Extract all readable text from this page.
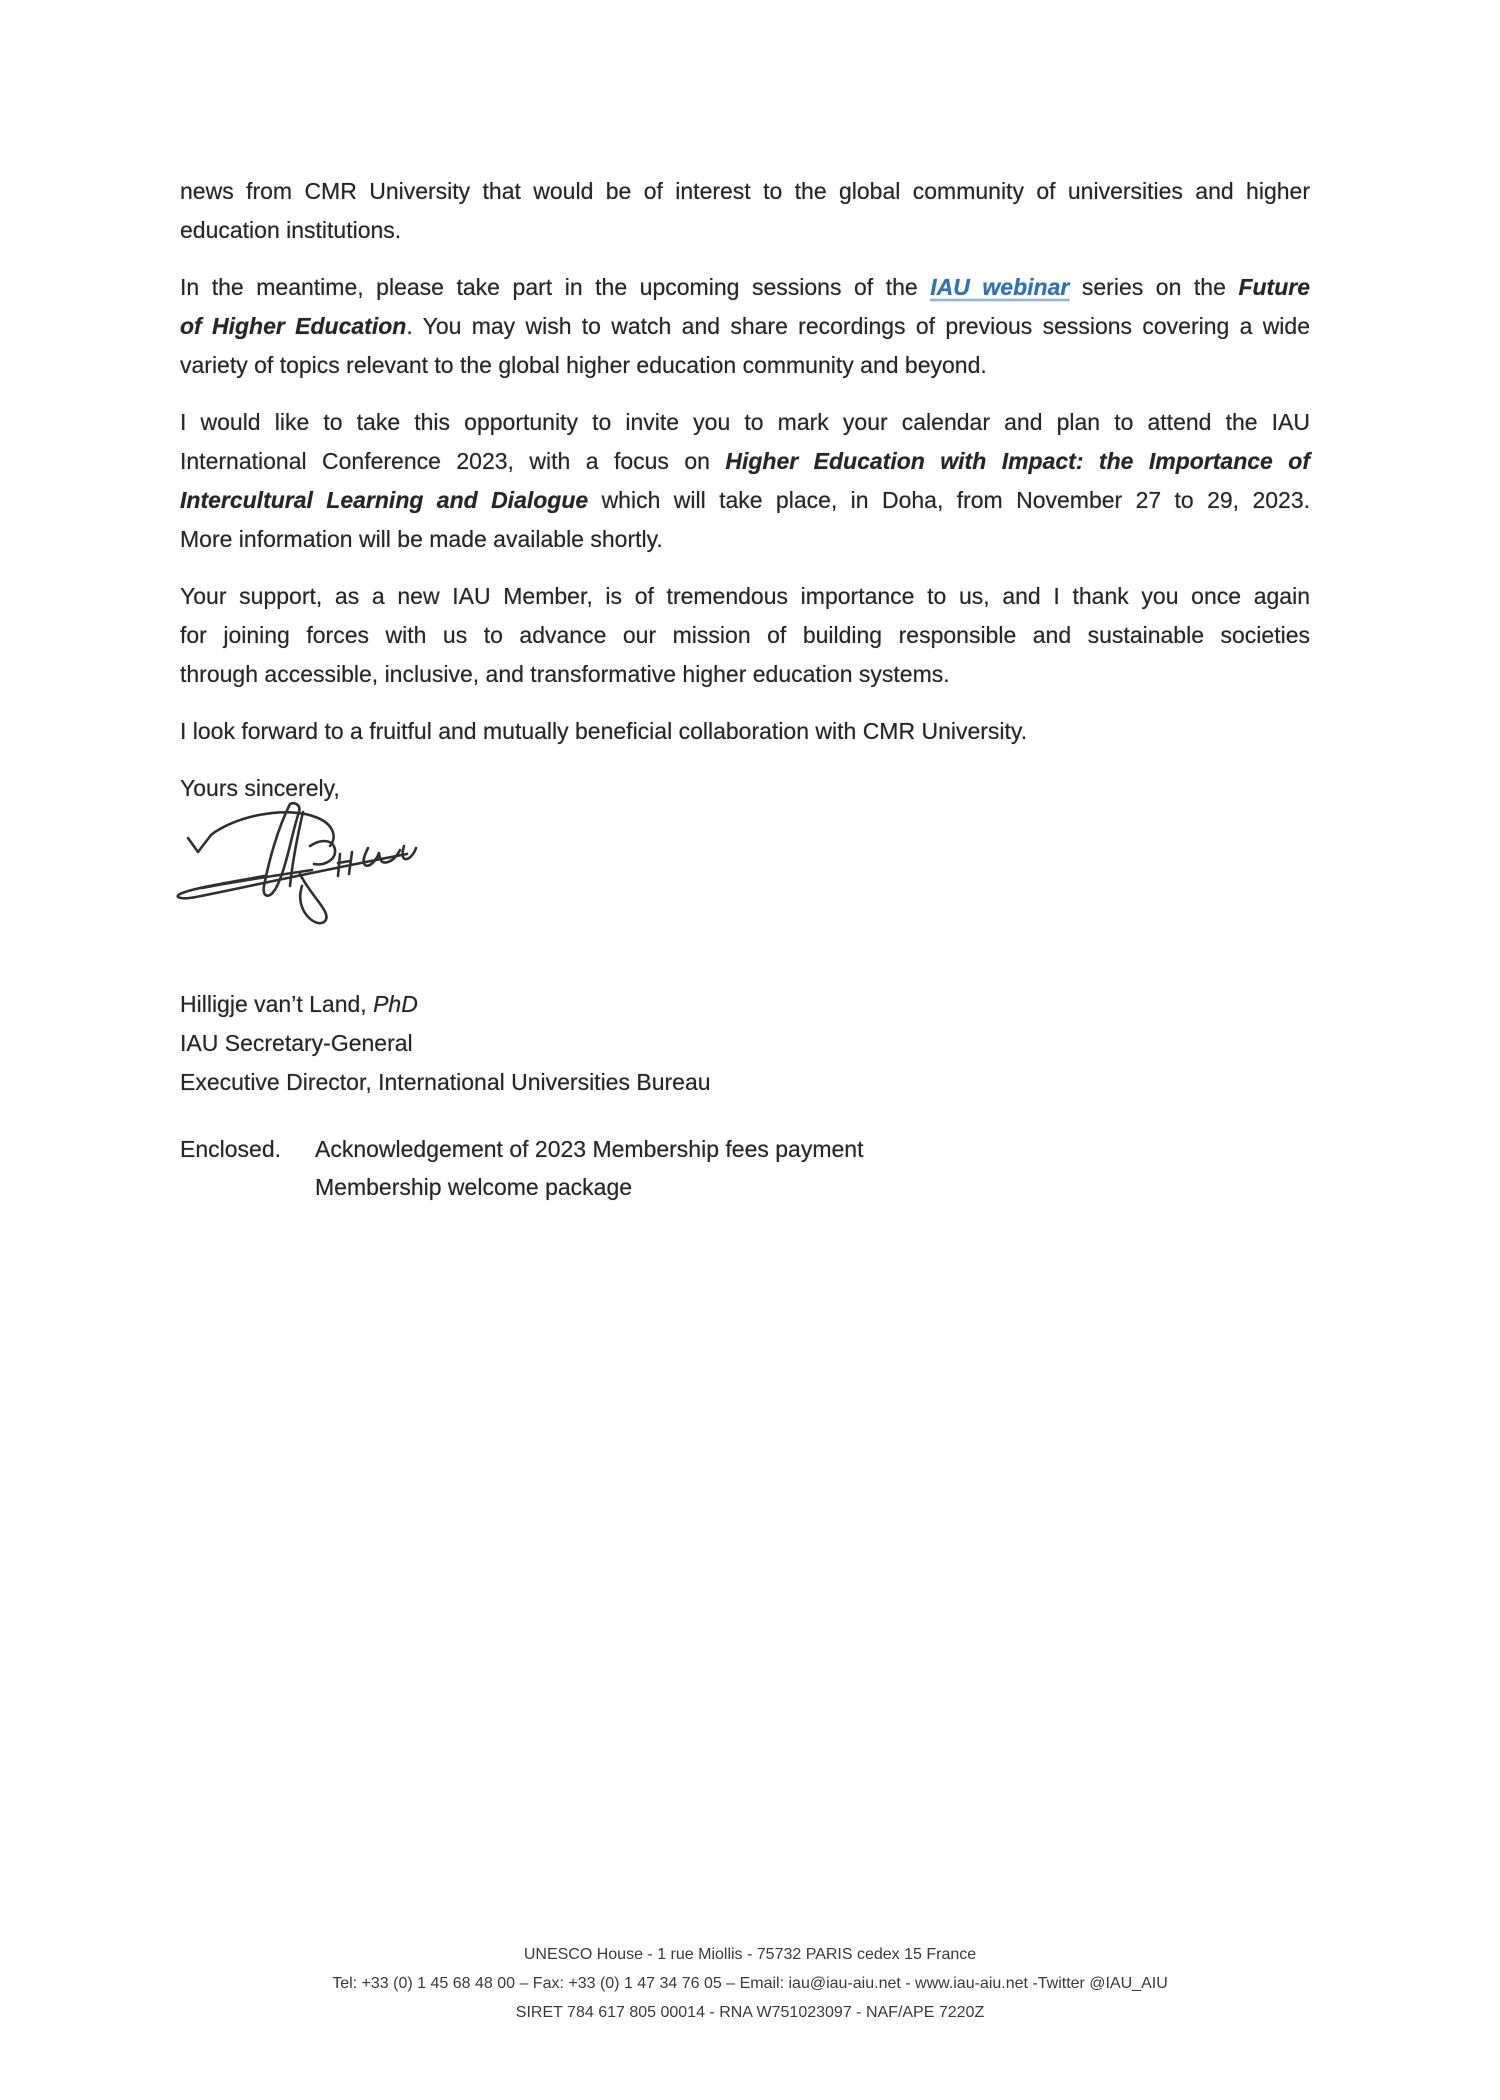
news from CMR University that would be of interest to the global community of universities and higher
education institutions.
In the meantime, please take part in the upcoming sessions of the IAU webinar series on the Future
of Higher Education. You may wish to watch and share recordings of previous sessions covering a wide
variety of topics relevant to the global higher education community and beyond.
I would like to take this opportunity to invite you to mark your calendar and plan to attend the IAU
International Conference 2023, with a focus on Higher Education with Impact: the Importance of
Intercultural Learning and Dialogue which will take place, in Doha, from November 27 to 29, 2023.
More information will be made available shortly.
Your support, as a new IAU Member, is of tremendous importance to us, and I thank you once again
for joining forces with us to advance our mission of building responsible and sustainable societies
through accessible, inclusive, and transformative higher education systems.
I look forward to a fruitful and mutually beneficial collaboration with CMR University.
Yours sincerely,
Hilligje van’t Land, PhD
IAU Secretary-General
Executive Director, International Universities Bureau
Enclosed.	Acknowledgement of 2023 Membership fees payment
Membership welcome package
UNESCO House - 1 rue Miollis - 75732 PARIS cedex 15 France
Tel: +33 (0) 1 45 68 48 00 – Fax: +33 (0) 1 47 34 76 05 – Email: iau@iau-aiu.net - www.iau-aiu.net -Twitter @IAU_AIU
SIRET 784 617 805 00014 - RNA W751023097 - NAF/APE 7220Z
